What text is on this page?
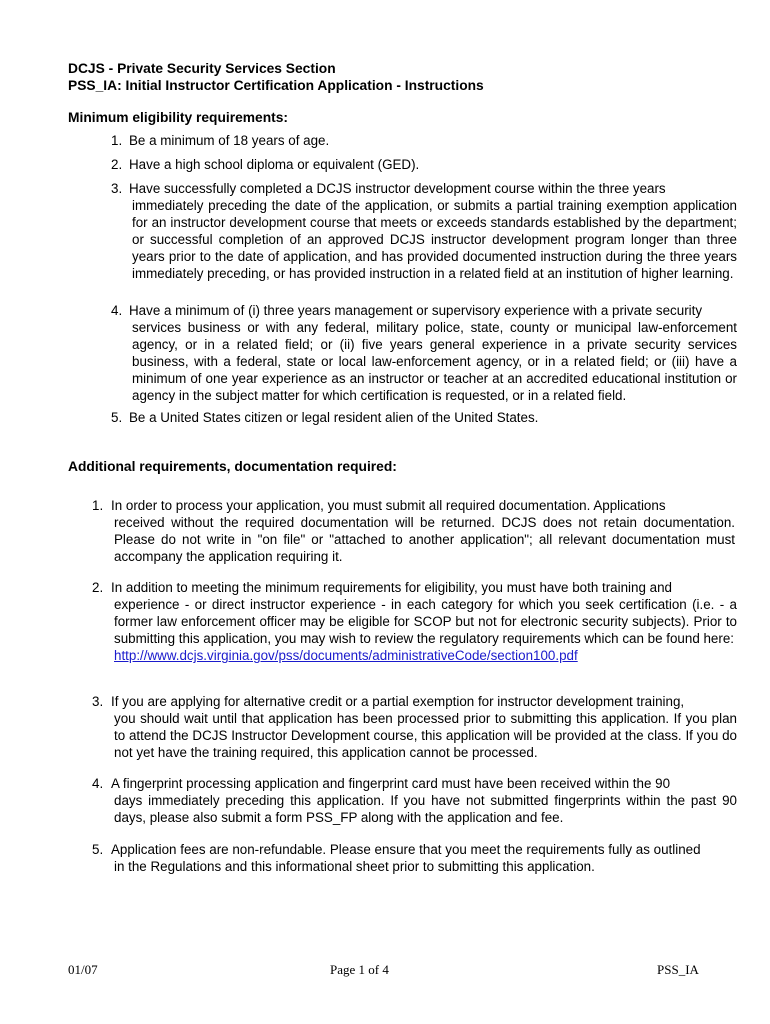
DCJS - Private Security Services Section
PSS_IA: Initial Instructor Certification Application - Instructions
Minimum eligibility requirements:
1. Be a minimum of 18 years of age.
2. Have a high school diploma or equivalent (GED).
3. Have successfully completed a DCJS instructor development course within the three years
immediately preceding the date of the application, or submits a partial training exemption application for an instructor development course that meets or exceeds standards established by the department; or successful completion of an approved DCJS instructor development program longer than three years prior to the date of application, and has provided documented instruction during the three years immediately preceding, or has provided instruction in a related field at an institution of higher learning.
4. Have a minimum of (i) three years management or supervisory experience with a private security
services business or with any federal, military police, state, county or municipal law-enforcement agency, or in a related field; or (ii) five years general experience in a private security services business, with a federal, state or local law-enforcement agency, or in a related field; or (iii) have a minimum of one year experience as an instructor or teacher at an accredited educational institution or agency in the subject matter for which certification is requested, or in a related field.
5. Be a United States citizen or legal resident alien of the United States.
Additional requirements, documentation required:
1. In order to process your application, you must submit all required documentation. Applications
received without the required documentation will be returned. DCJS does not retain documentation. Please do not write in "on file" or "attached to another application"; all relevant documentation must accompany the application requiring it.
2. In addition to meeting the minimum requirements for eligibility, you must have both training and
experience - or direct instructor experience - in each category for which you seek certification (i.e. - a former law enforcement officer may be eligible for SCOP but not for electronic security subjects). Prior to submitting this application, you may wish to review the regulatory requirements which can be found here:
http://www.dcjs.virginia.gov/pss/documents/administrativeCode/section100.pdf
3. If you are applying for alternative credit or a partial exemption for instructor development training,
you should wait until that application has been processed prior to submitting this application. If you plan to attend the DCJS Instructor Development course, this application will be provided at the class. If you do not yet have the training required, this application cannot be processed.
4. A fingerprint processing application and fingerprint card must have been received within the 90
days immediately preceding this application. If you have not submitted fingerprints within the past 90 days, please also submit a form PSS_FP along with the application and fee.
5. Application fees are non-refundable. Please ensure that you meet the requirements fully as outlined
in the Regulations and this informational sheet prior to submitting this application.
01/07	Page 1 of 4	PSS_IA
